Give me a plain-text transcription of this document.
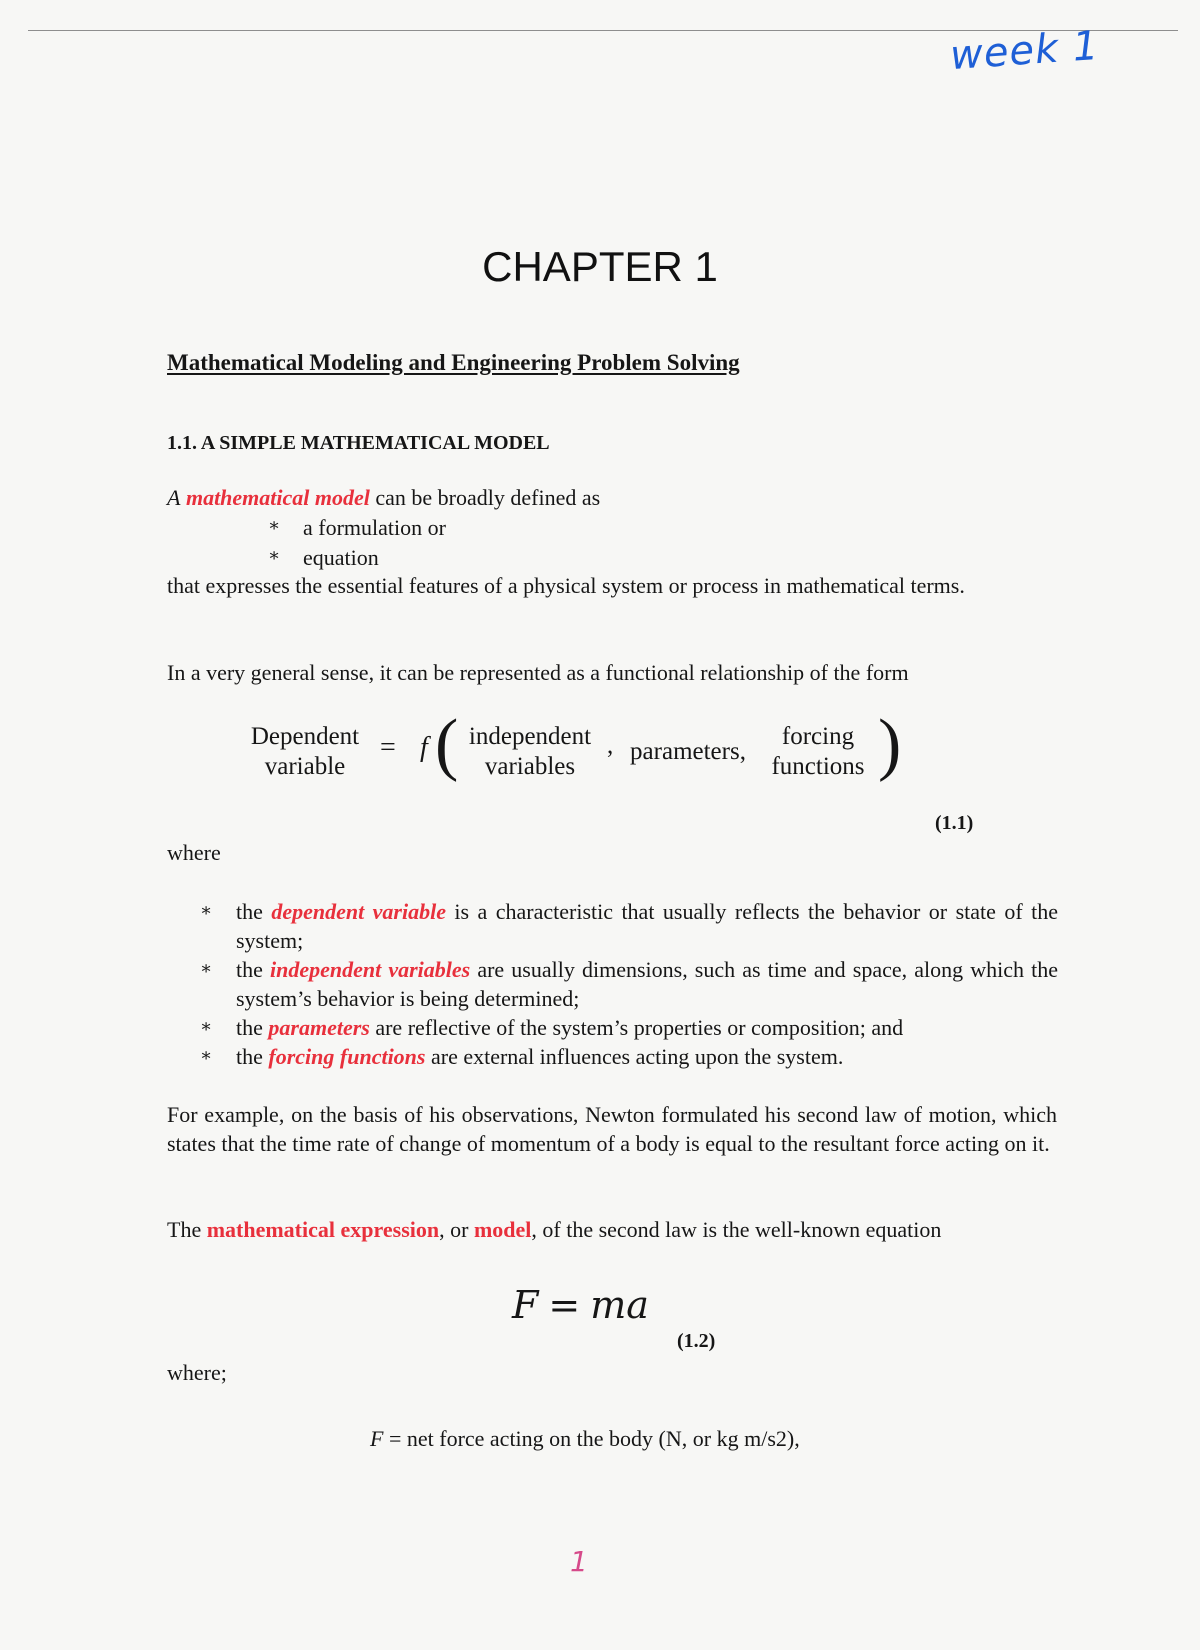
week 1
CHAPTER 1
Mathematical Modeling and Engineering Problem Solving
1.1. A SIMPLE MATHEMATICAL MODEL
A mathematical model can be broadly defined as
∗ a formulation or
∗ equation
that expresses the essential features of a physical system or process in mathematical terms.
In a very general sense, it can be represented as a functional relationship of the form
Dependent
variable
= f ( independent
variables
, parameters,
forcing
functions )
(1.1)
where
∗ the dependent variable is a characteristic that usually reflects the behavior or state of the system;
∗ the independent variables are usually dimensions, such as time and space, along which the system’s behavior is being determined;
∗ the parameters are reflective of the system’s properties or composition; and
∗ the forcing functions are external influences acting upon the system.
For example, on the basis of his observations, Newton formulated his second law of motion, which states that the time rate of change of momentum of a body is equal to the resultant force acting on it.
The mathematical expression, or model, of the second law is the well-known equation
F = ma
(1.2)
where;
F = net force acting on the body (N, or kg m/s2),
1
